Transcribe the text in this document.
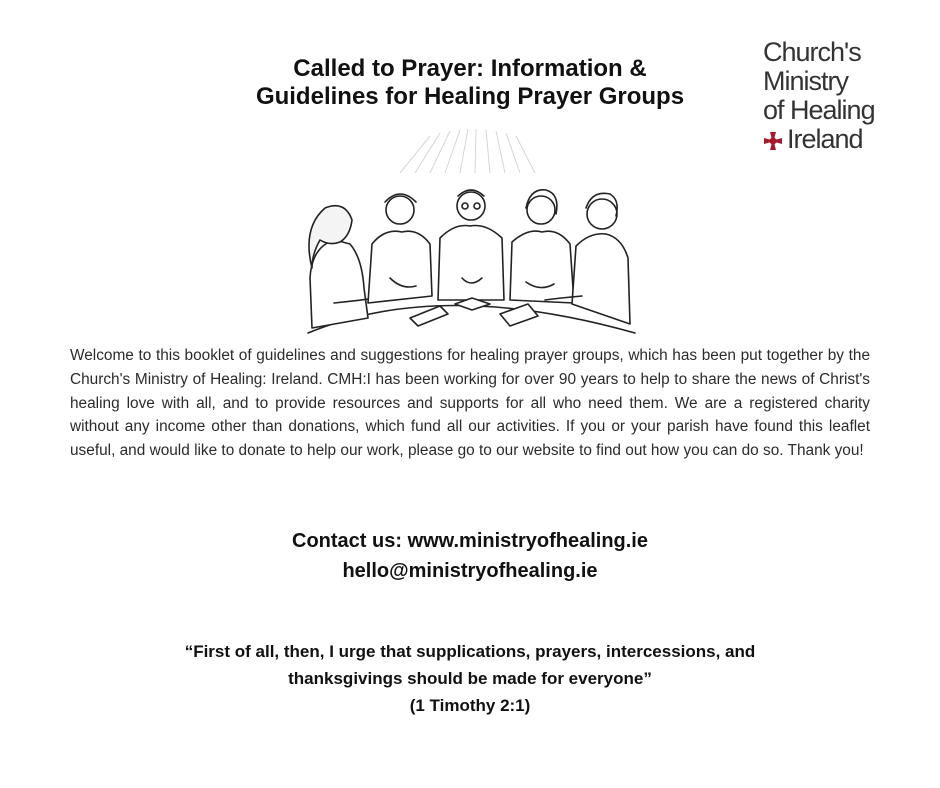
Called to Prayer: Information &
Guidelines for Healing Prayer Groups
Church's
Ministry
of Healing
Ireland

Welcome to this booklet of guidelines and suggestions for healing prayer groups, which has been put together by the Church's Ministry of Healing: Ireland. CMH:I has been working for over 90 years to help to share the news of Christ's healing love with all, and to provide resources and supports for all who need them. We are a registered charity without any income other than donations, which fund all our activities. If you or your parish have found this leaflet useful, and would like to donate to help our work, please go to our website to find out how you can do so. Thank you!

Contact us: www.ministryofhealing.ie
hello@ministryofhealing.ie
“First of all, then, I urge that supplications, prayers, intercessions, and
thanksgivings should be made for everyone”
(1 Timothy 2:1)
